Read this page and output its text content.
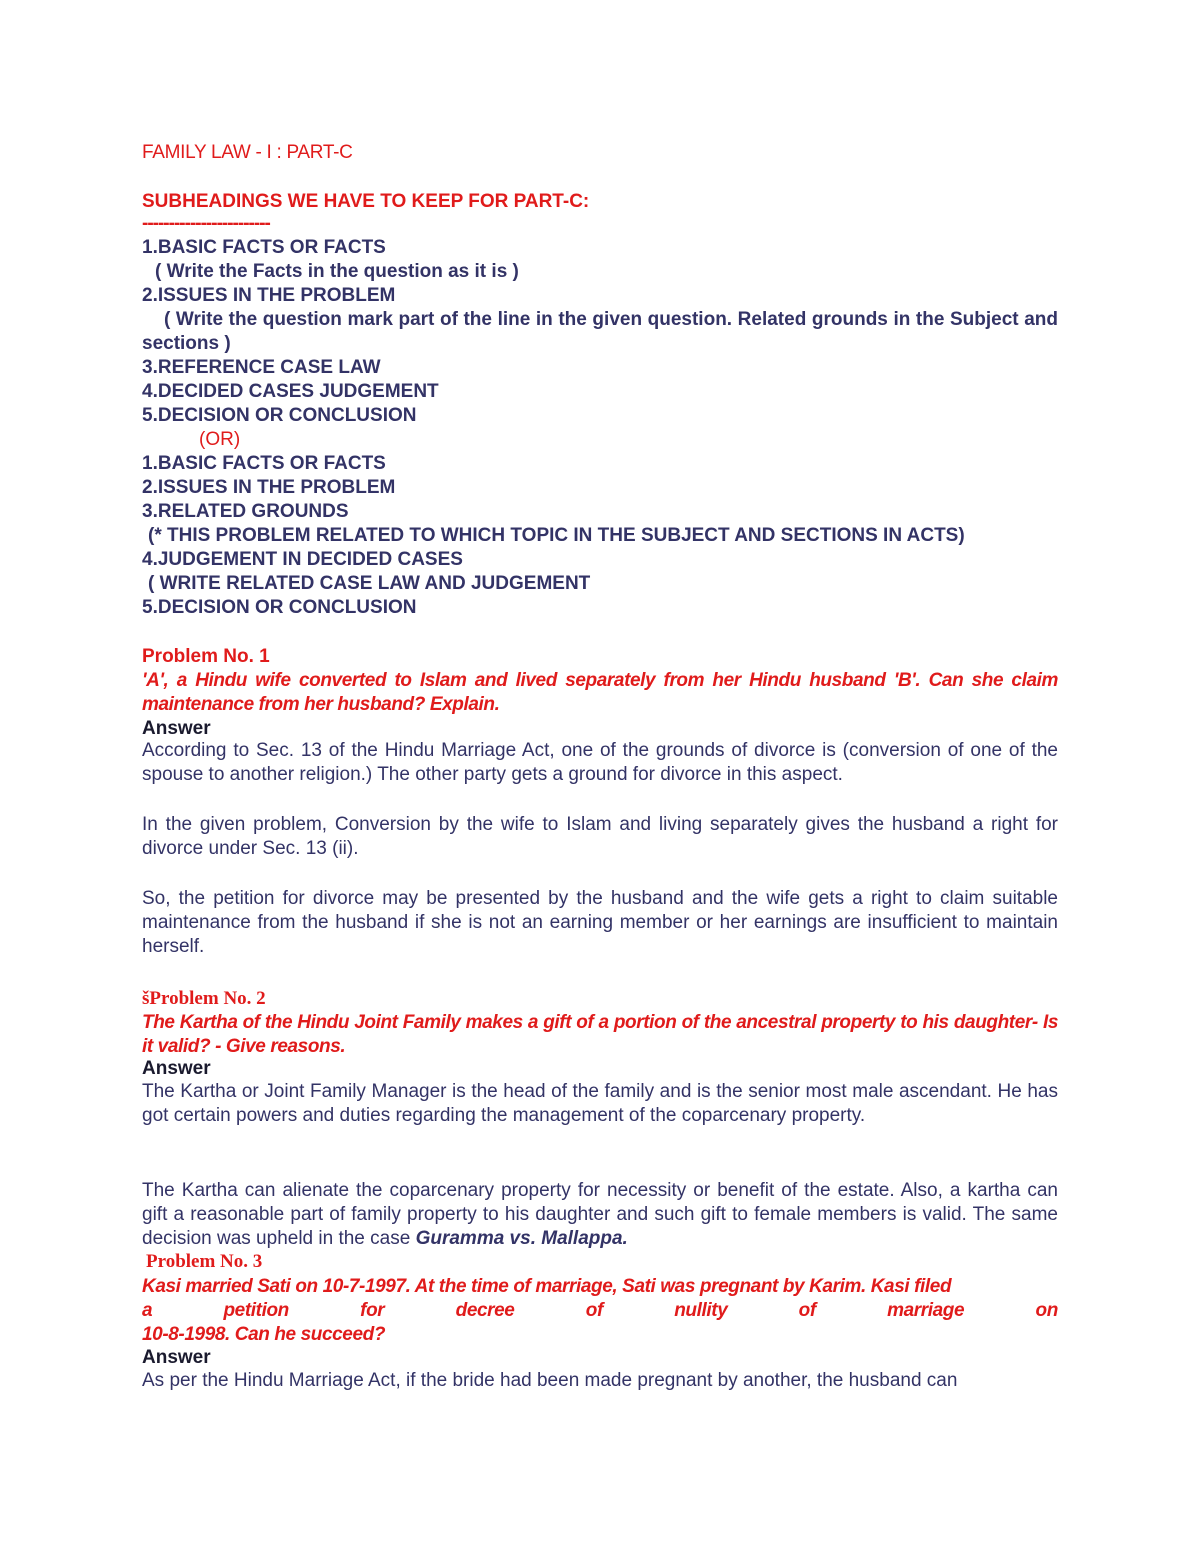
FAMILY LAW - I : PART-C
SUBHEADINGS WE HAVE TO KEEP FOR PART-C:
------------------------
1.BASIC FACTS OR FACTS
( Write the Facts in the question as it is )
2.ISSUES IN THE PROBLEM
( Write the question mark part of the line in the given question. Related grounds in the Subject and sections )
3.REFERENCE CASE LAW
4.DECIDED CASES JUDGEMENT
5.DECISION OR CONCLUSION
(OR)
1.BASIC FACTS OR FACTS
2.ISSUES IN THE PROBLEM
3.RELATED GROUNDS
(* THIS PROBLEM RELATED TO WHICH TOPIC IN THE SUBJECT AND SECTIONS IN ACTS)
4.JUDGEMENT IN DECIDED CASES
( WRITE RELATED CASE LAW AND JUDGEMENT
5.DECISION OR CONCLUSION
Problem No. 1
'A', a Hindu wife converted to Islam and lived separately from her Hindu husband 'B'. Can she claim maintenance from her husband? Explain.
Answer
According to Sec. 13 of the Hindu Marriage Act, one of the grounds of divorce is (conversion of one of the spouse to another religion.) The other party gets a ground for divorce in this aspect.
In the given problem, Conversion by the wife to Islam and living separately gives the husband a right for divorce under Sec. 13 (ii).
So, the petition for divorce may be presented by the husband and the wife gets a right to claim suitable maintenance from the husband if she is not an earning member or her earnings are insufficient to maintain herself.
šProblem No. 2
The Kartha of the Hindu Joint Family makes a gift of a portion of the ancestral property to his daughter- Is it valid? - Give reasons.
Answer
The Kartha or Joint Family Manager is the head of the family and is the senior most male ascendant. He has got certain powers and duties regarding the management of the coparcenary property.
The Kartha can alienate the coparcenary property for necessity or benefit of the estate. Also, a kartha can gift a reasonable part of family property to his daughter and such gift to female members is valid. The same decision was upheld in the case Guramma vs. Mallappa.
Problem No. 3
Kasi married Sati on 10-7-1997. At the time of marriage, Sati was pregnant by Karim. Kasi filed
a	petition	for	decree	of	nullity	of	marriage	on
10-8-1998. Can he succeed?
Answer
As per the Hindu Marriage Act, if the bride had been made pregnant by another, the husband can
